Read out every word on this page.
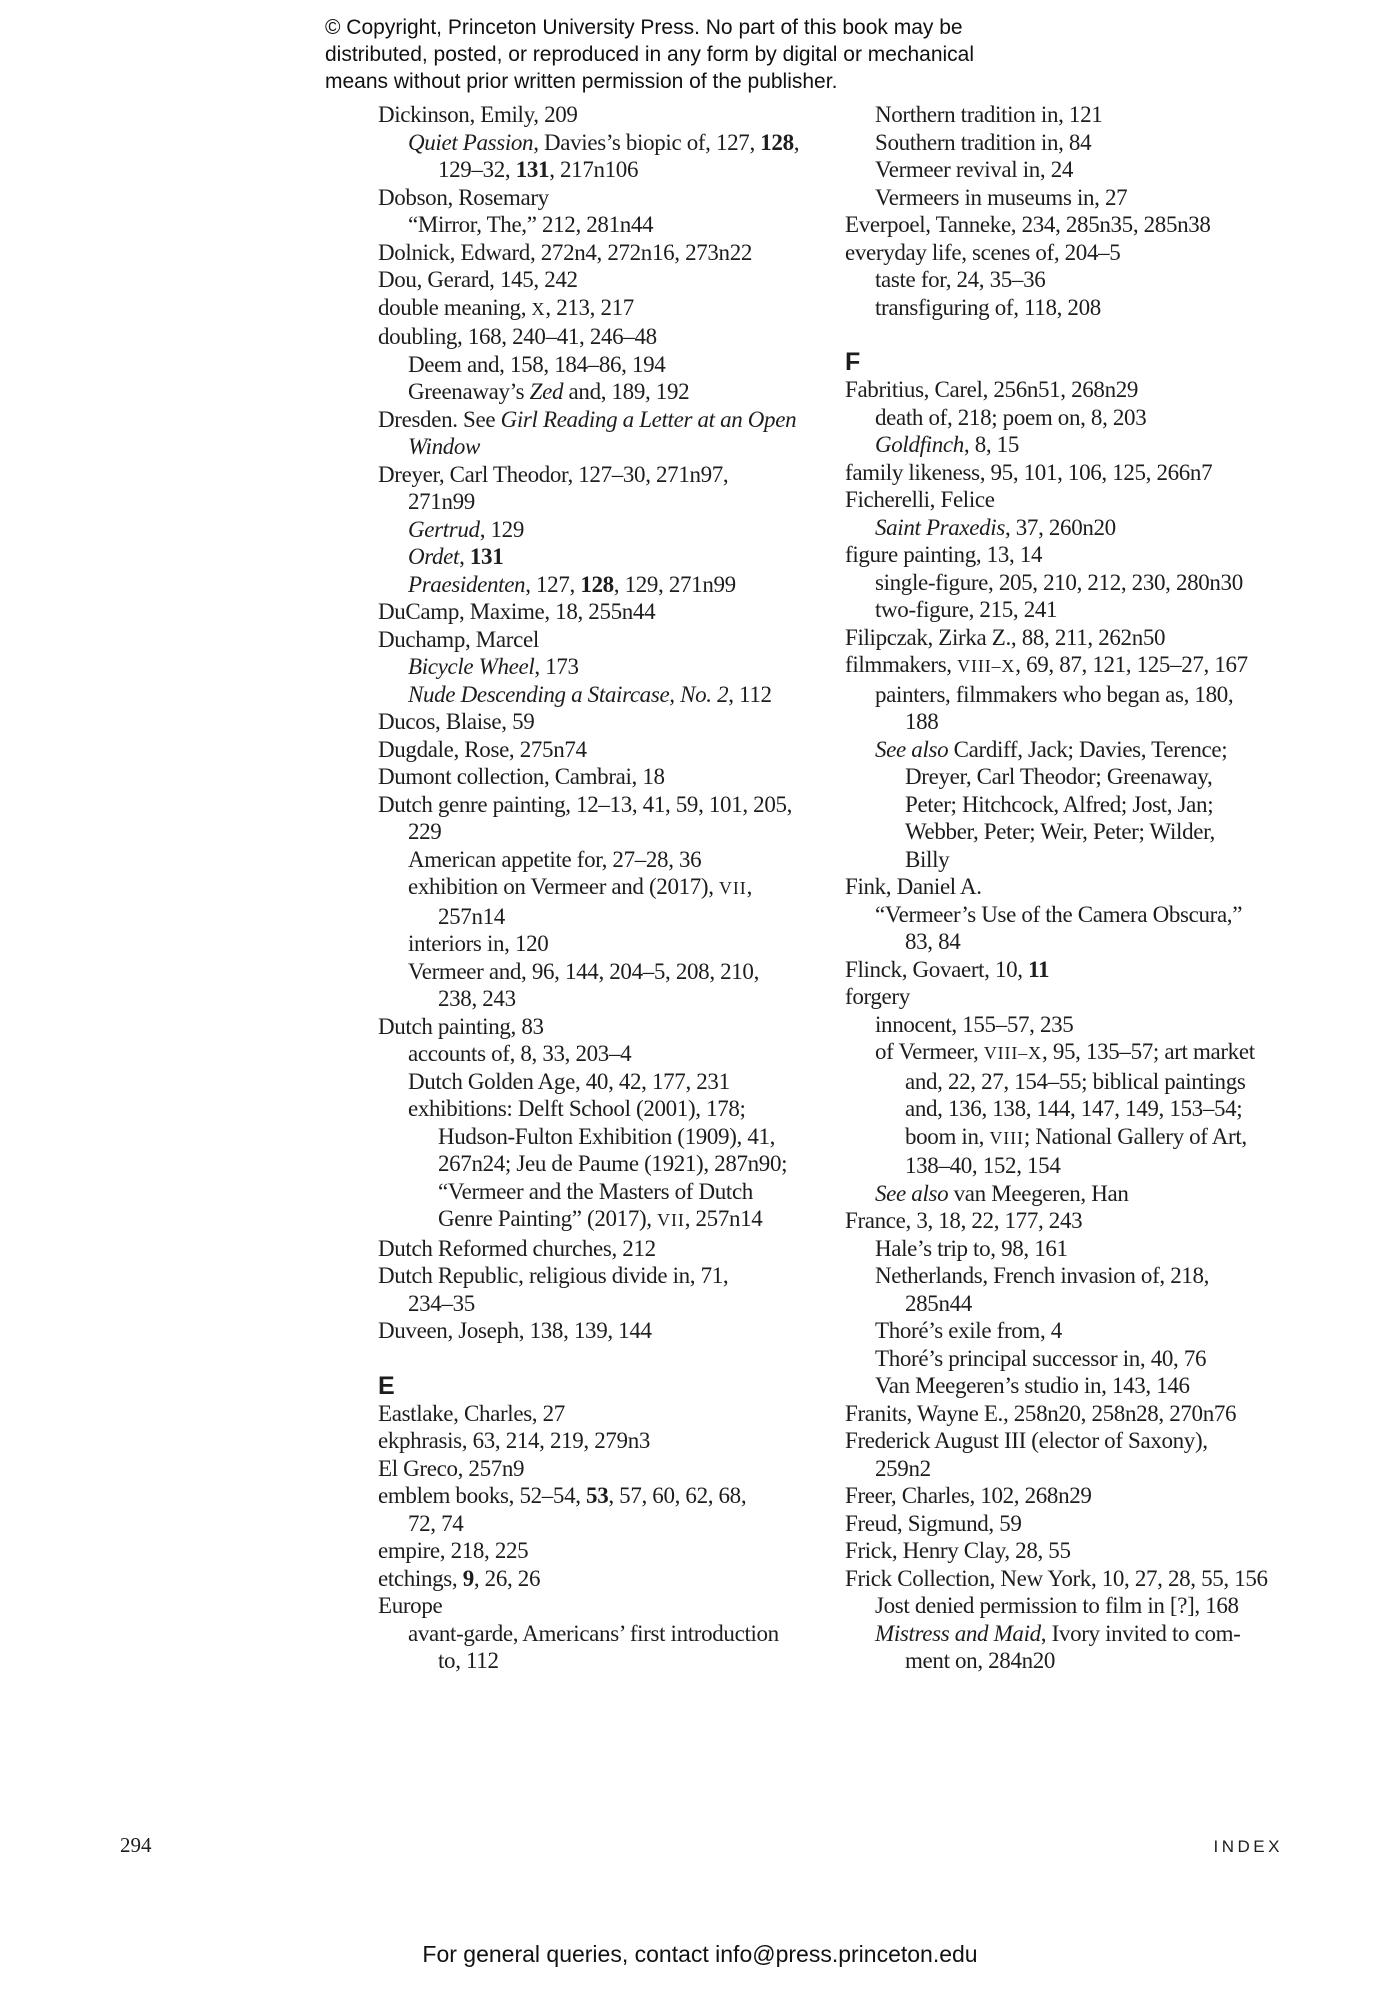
© Copyright, Princeton University Press. No part of this book may be
distributed, posted, or reproduced in any form by digital or mechanical
means without prior written permission of the publisher.
Dickinson, Emily, 209
Quiet Passion, Davies’s biopic of, 127, 128,
129–32, 131, 217n106
Dobson, Rosemary
“Mirror, The,” 212, 281n44
Dolnick, Edward, 272n4, 272n16, 273n22
Dou, Gerard, 145, 242
double meaning, X, 213, 217
doubling, 168, 240–41, 246–48
Deem and, 158, 184–86, 194
Greenaway’s Zed and, 189, 192
Dresden. See Girl Reading a Letter at an Open
Window
Dreyer, Carl Theodor, 127–30, 271n97,
271n99
Gertrud, 129
Ordet, 131
Praesidenten, 127, 128, 129, 271n99
DuCamp, Maxime, 18, 255n44
Duchamp, Marcel
Bicycle Wheel, 173
Nude Descending a Staircase, No. 2, 112
Ducos, Blaise, 59
Dugdale, Rose, 275n74
Dumont collection, Cambrai, 18
Dutch genre painting, 12–13, 41, 59, 101, 205,
229
American appetite for, 27–28, 36
exhibition on Vermeer and (2017), VII,
257n14
interiors in, 120
Vermeer and, 96, 144, 204–5, 208, 210,
238, 243
Dutch painting, 83
accounts of, 8, 33, 203–4
Dutch Golden Age, 40, 42, 177, 231
exhibitions: Delft School (2001), 178;
Hudson-Fulton Exhibition (1909), 41,
267n24; Jeu de Paume (1921), 287n90;
“Vermeer and the Masters of Dutch
Genre Painting” (2017), VII, 257n14
Dutch Reformed churches, 212
Dutch Republic, religious divide in, 71,
234–35
Duveen, Joseph, 138, 139, 144
E
Eastlake, Charles, 27
ekphrasis, 63, 214, 219, 279n3
El Greco, 257n9
emblem books, 52–54, 53, 57, 60, 62, 68,
72, 74
empire, 218, 225
etchings, 9, 26, 26
Europe
avant-garde, Americans’ first introduction
to, 112
Northern tradition in, 121
Southern tradition in, 84
Vermeer revival in, 24
Vermeers in museums in, 27
Everpoel, Tanneke, 234, 285n35, 285n38
everyday life, scenes of, 204–5
taste for, 24, 35–36
transfiguring of, 118, 208
F
Fabritius, Carel, 256n51, 268n29
death of, 218; poem on, 8, 203
Goldfinch, 8, 15
family likeness, 95, 101, 106, 125, 266n7
Ficherelli, Felice
Saint Praxedis, 37, 260n20
figure painting, 13, 14
single-figure, 205, 210, 212, 230, 280n30
two-figure, 215, 241
Filipczak, Zirka Z., 88, 211, 262n50
filmmakers, VIII–X, 69, 87, 121, 125–27, 167
painters, filmmakers who began as, 180,
188
See also Cardiff, Jack; Davies, Terence;
Dreyer, Carl Theodor; Greenaway,
Peter; Hitchcock, Alfred; Jost, Jan;
Webber, Peter; Weir, Peter; Wilder,
Billy
Fink, Daniel A.
“Vermeer’s Use of the Camera Obscura,”
83, 84
Flinck, Govaert, 10, 11
forgery
innocent, 155–57, 235
of Vermeer, VIII–X, 95, 135–57; art market
and, 22, 27, 154–55; biblical paintings
and, 136, 138, 144, 147, 149, 153–54;
boom in, VIII; National Gallery of Art,
138–40, 152, 154
See also van Meegeren, Han
France, 3, 18, 22, 177, 243
Hale’s trip to, 98, 161
Netherlands, French invasion of, 218,
285n44
Thoré’s exile from, 4
Thoré’s principal successor in, 40, 76
Van Meegeren’s studio in, 143, 146
Franits, Wayne E., 258n20, 258n28, 270n76
Frederick August III (elector of Saxony),
259n2
Freer, Charles, 102, 268n29
Freud, Sigmund, 59
Frick, Henry Clay, 28, 55
Frick Collection, New York, 10, 27, 28, 55, 156
Jost denied permission to film in [?], 168
Mistress and Maid, Ivory invited to com-
ment on, 284n20
294	INDEX
For general queries, contact info@press.princeton.edu
